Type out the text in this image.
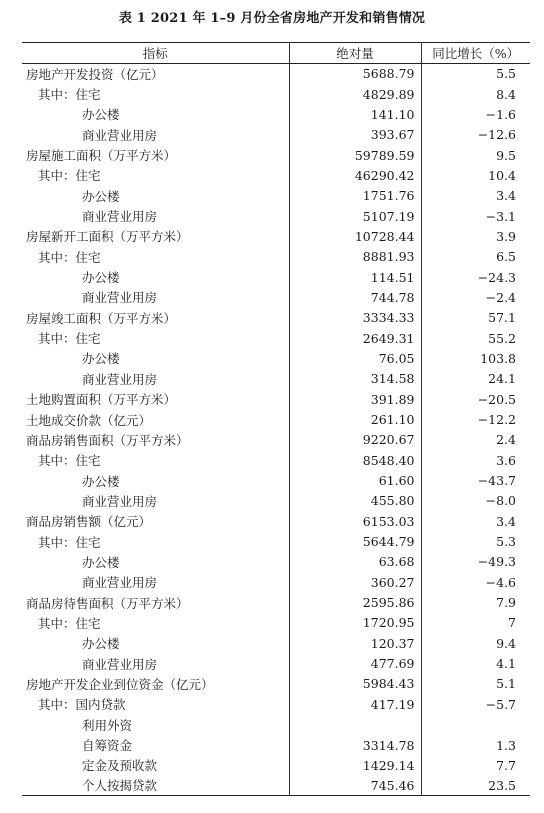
表 1 2021 年 1–9 月份全省房地产开发和销售情况
指标	绝对量	同比增长（%）
房地产开发投资（亿元）	5688.79	5.5
其中：住宅	4829.89	8.4
办公楼	141.10	−1.6
商业营业用房	393.67	−12.6
房屋施工面积（万平方米）	59789.59	9.5
其中：住宅	46290.42	10.4
办公楼	1751.76	3.4
商业营业用房	5107.19	−3.1
房屋新开工面积（万平方米）	10728.44	3.9
其中：住宅	8881.93	6.5
办公楼	114.51	−24.3
商业营业用房	744.78	−2.4
房屋竣工面积（万平方米）	3334.33	57.1
其中：住宅	2649.31	55.2
办公楼	76.05	103.8
商业营业用房	314.58	24.1
土地购置面积（万平方米）	391.89	−20.5
土地成交价款（亿元）	261.10	−12.2
商品房销售面积（万平方米）	9220.67	2.4
其中：住宅	8548.40	3.6
办公楼	61.60	−43.7
商业营业用房	455.80	−8.0
商品房销售额（亿元）	6153.03	3.4
其中：住宅	5644.79	5.3
办公楼	63.68	−49.3
商业营业用房	360.27	−4.6
商品房待售面积（万平方米）	2595.86	7.9
其中：住宅	1720.95	7
办公楼	120.37	9.4
商业营业用房	477.69	4.1
房地产开发企业到位资金（亿元）	5984.43	5.1
其中：国内贷款	417.19	−5.7
利用外资		
自筹资金	3314.78	1.3
定金及预收款	1429.14	7.7
个人按揭贷款	745.46	23.5
